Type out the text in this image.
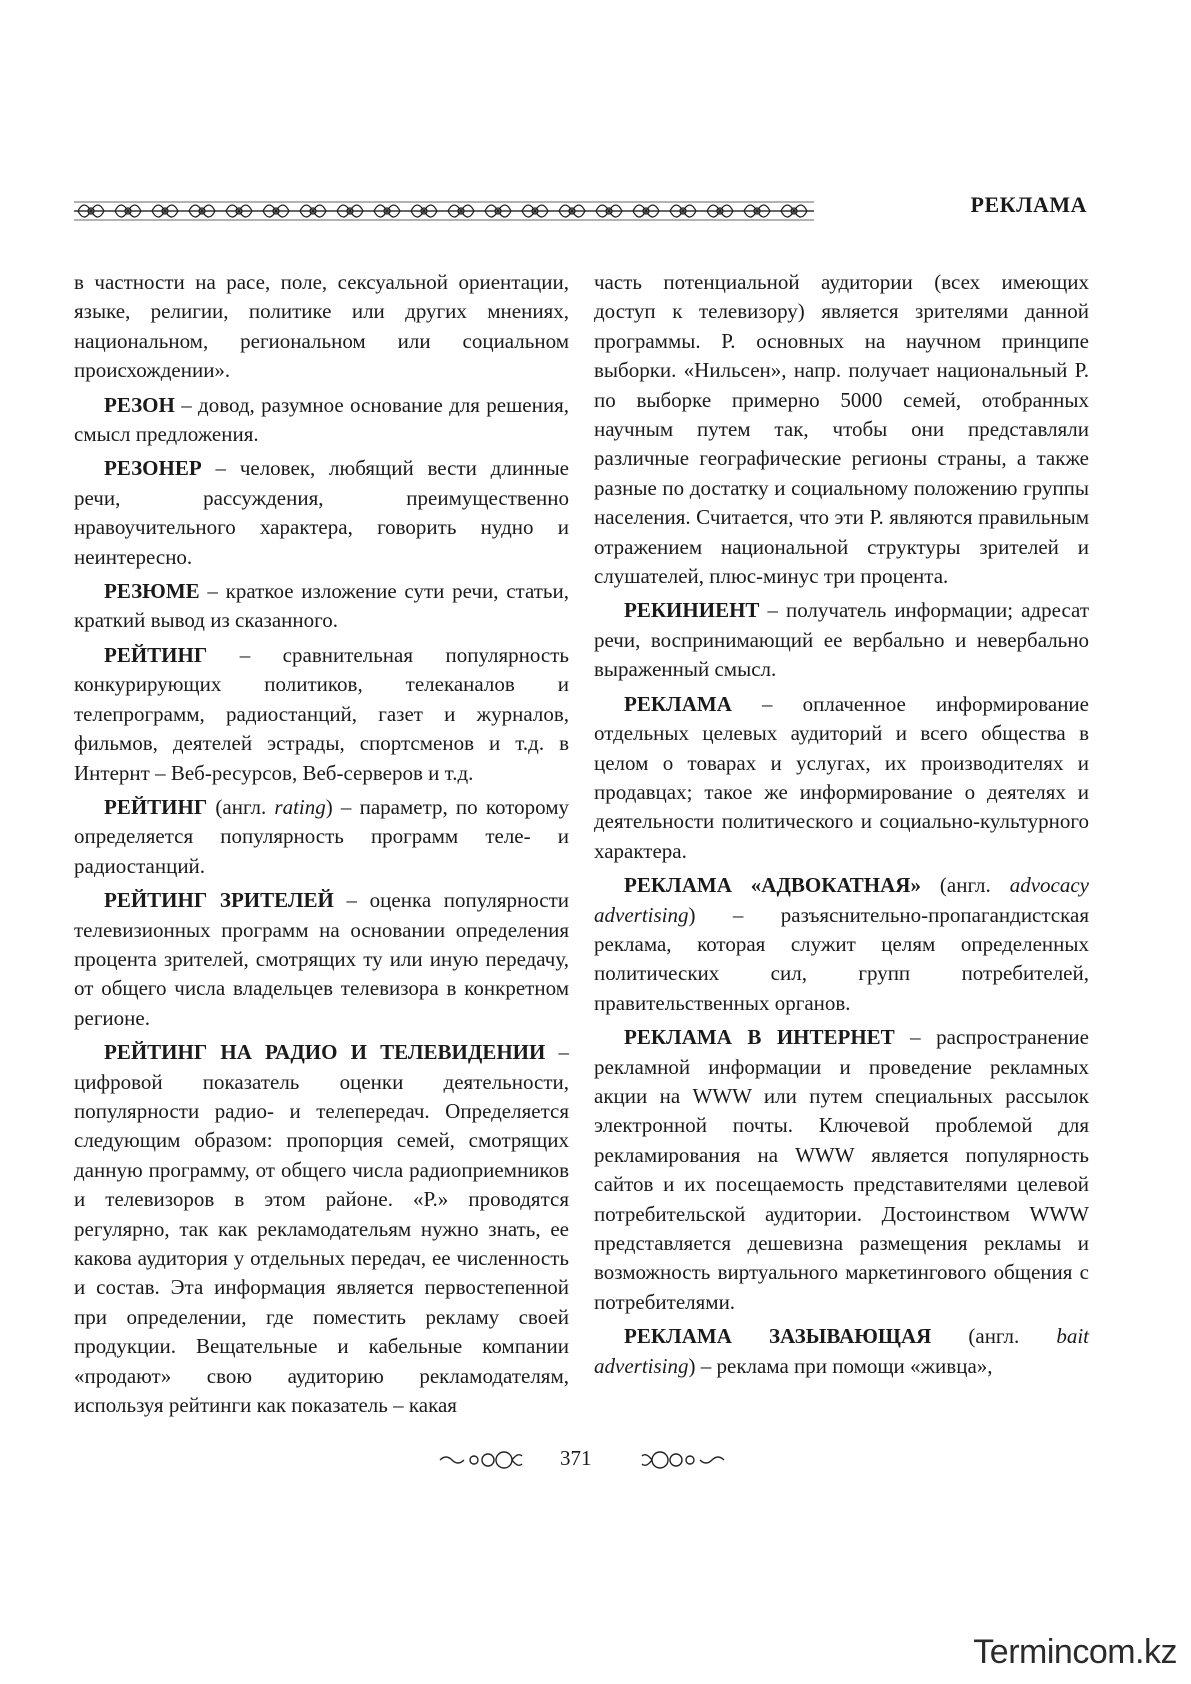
РЕКЛАМА

в частности на расе, поле, сексуальной ориентации, языке, религии, политике или других мнениях, национальном, региональном или социальном происхождении».

РЕЗОН – довод, разумное основание для решения, смысл предложения.

РЕЗОНЕР – человек, любящий вести длинные речи, рассуждения, преимущественно нравоучительного характера, говорить нудно и неинтересно.

РЕЗЮМЕ – краткое изложение сути речи, статьи, краткий вывод из сказанного.

РЕЙТИНГ – сравнительная популярность конкурирующих политиков, телеканалов и телепрограмм, радиостанций, газет и журналов, фильмов, деятелей эстрады, спортсменов и т.д. в Интернт – Веб-ресурсов, Веб-серверов и т.д.

РЕЙТИНГ (англ. rating) – параметр, по которому определяется популярность программ теле- и радиостанций.

РЕЙТИНГ ЗРИТЕЛЕЙ – оценка популярности телевизионных программ на основании определения процента зрителей, смотрящих ту или иную передачу, от общего числа владельцев телевизора в конкретном регионе.

РЕЙТИНГ НА РАДИО И ТЕЛЕВИДЕНИИ – цифровой показатель оценки деятельности, популярности радио- и телепередач. Определяется следующим образом: пропорция семей, смотрящих данную программу, от общего числа радиоприемников и телевизоров в этом районе. «Р.» проводятся регулярно, так как рекламодательям нужно знать, ее какова аудитория у отдельных передач, ее численность и состав. Эта информация является первостепенной при определении, где поместить рекламу своей продукции. Вещательные и кабельные компании «продают» свою аудиторию рекламодателям, используя рейтинги как показатель – какая

часть потенциальной аудитории (всех имеющих доступ к телевизору) является зрителями данной программы. Р. основных на научном принципе выборки. «Нильсен», напр. получает национальный Р. по выборке примерно 5000 семей, отобранных научным путем так, чтобы они представляли различные географические регионы страны, а также разные по достатку и социальному положению группы населения. Считается, что эти Р. являются правильным отражением национальной структуры зрителей и слушателей, плюс-минус три процента.

РЕКИНИЕНТ – получатель информации; адресат речи, воспринимающий ее вербально и невербально выраженный смысл.

РЕКЛАМА – оплаченное информирование отдельных целевых аудиторий и всего общества в целом о товарах и услугах, их производителях и продавцах; такое же информирование о деятелях и деятельности политического и социально-культурного характера.

РЕКЛАМА «АДВОКАТНАЯ» (англ. advocacy advertising) – разъяснительно-пропагандистская реклама, которая служит целям определенных политических сил, групп потребителей, правительственных органов.

РЕКЛАМА В ИНТЕРНЕТ – распространение рекламной информации и проведение рекламных акции на WWW или путем специальных рассылок электронной почты. Ключевой проблемой для рекламирования на WWW является популярность сайтов и их посещаемость представителями целевой потребительской аудитории. Достоинством WWW представляется дешевизна размещения рекламы и возможность виртуального маркетингового общения с потребителями.

РЕКЛАМА ЗАЗЫВАЮЩАЯ (англ. bait advertising) – реклама при помощи «живца»,

371
Termincom.kz
